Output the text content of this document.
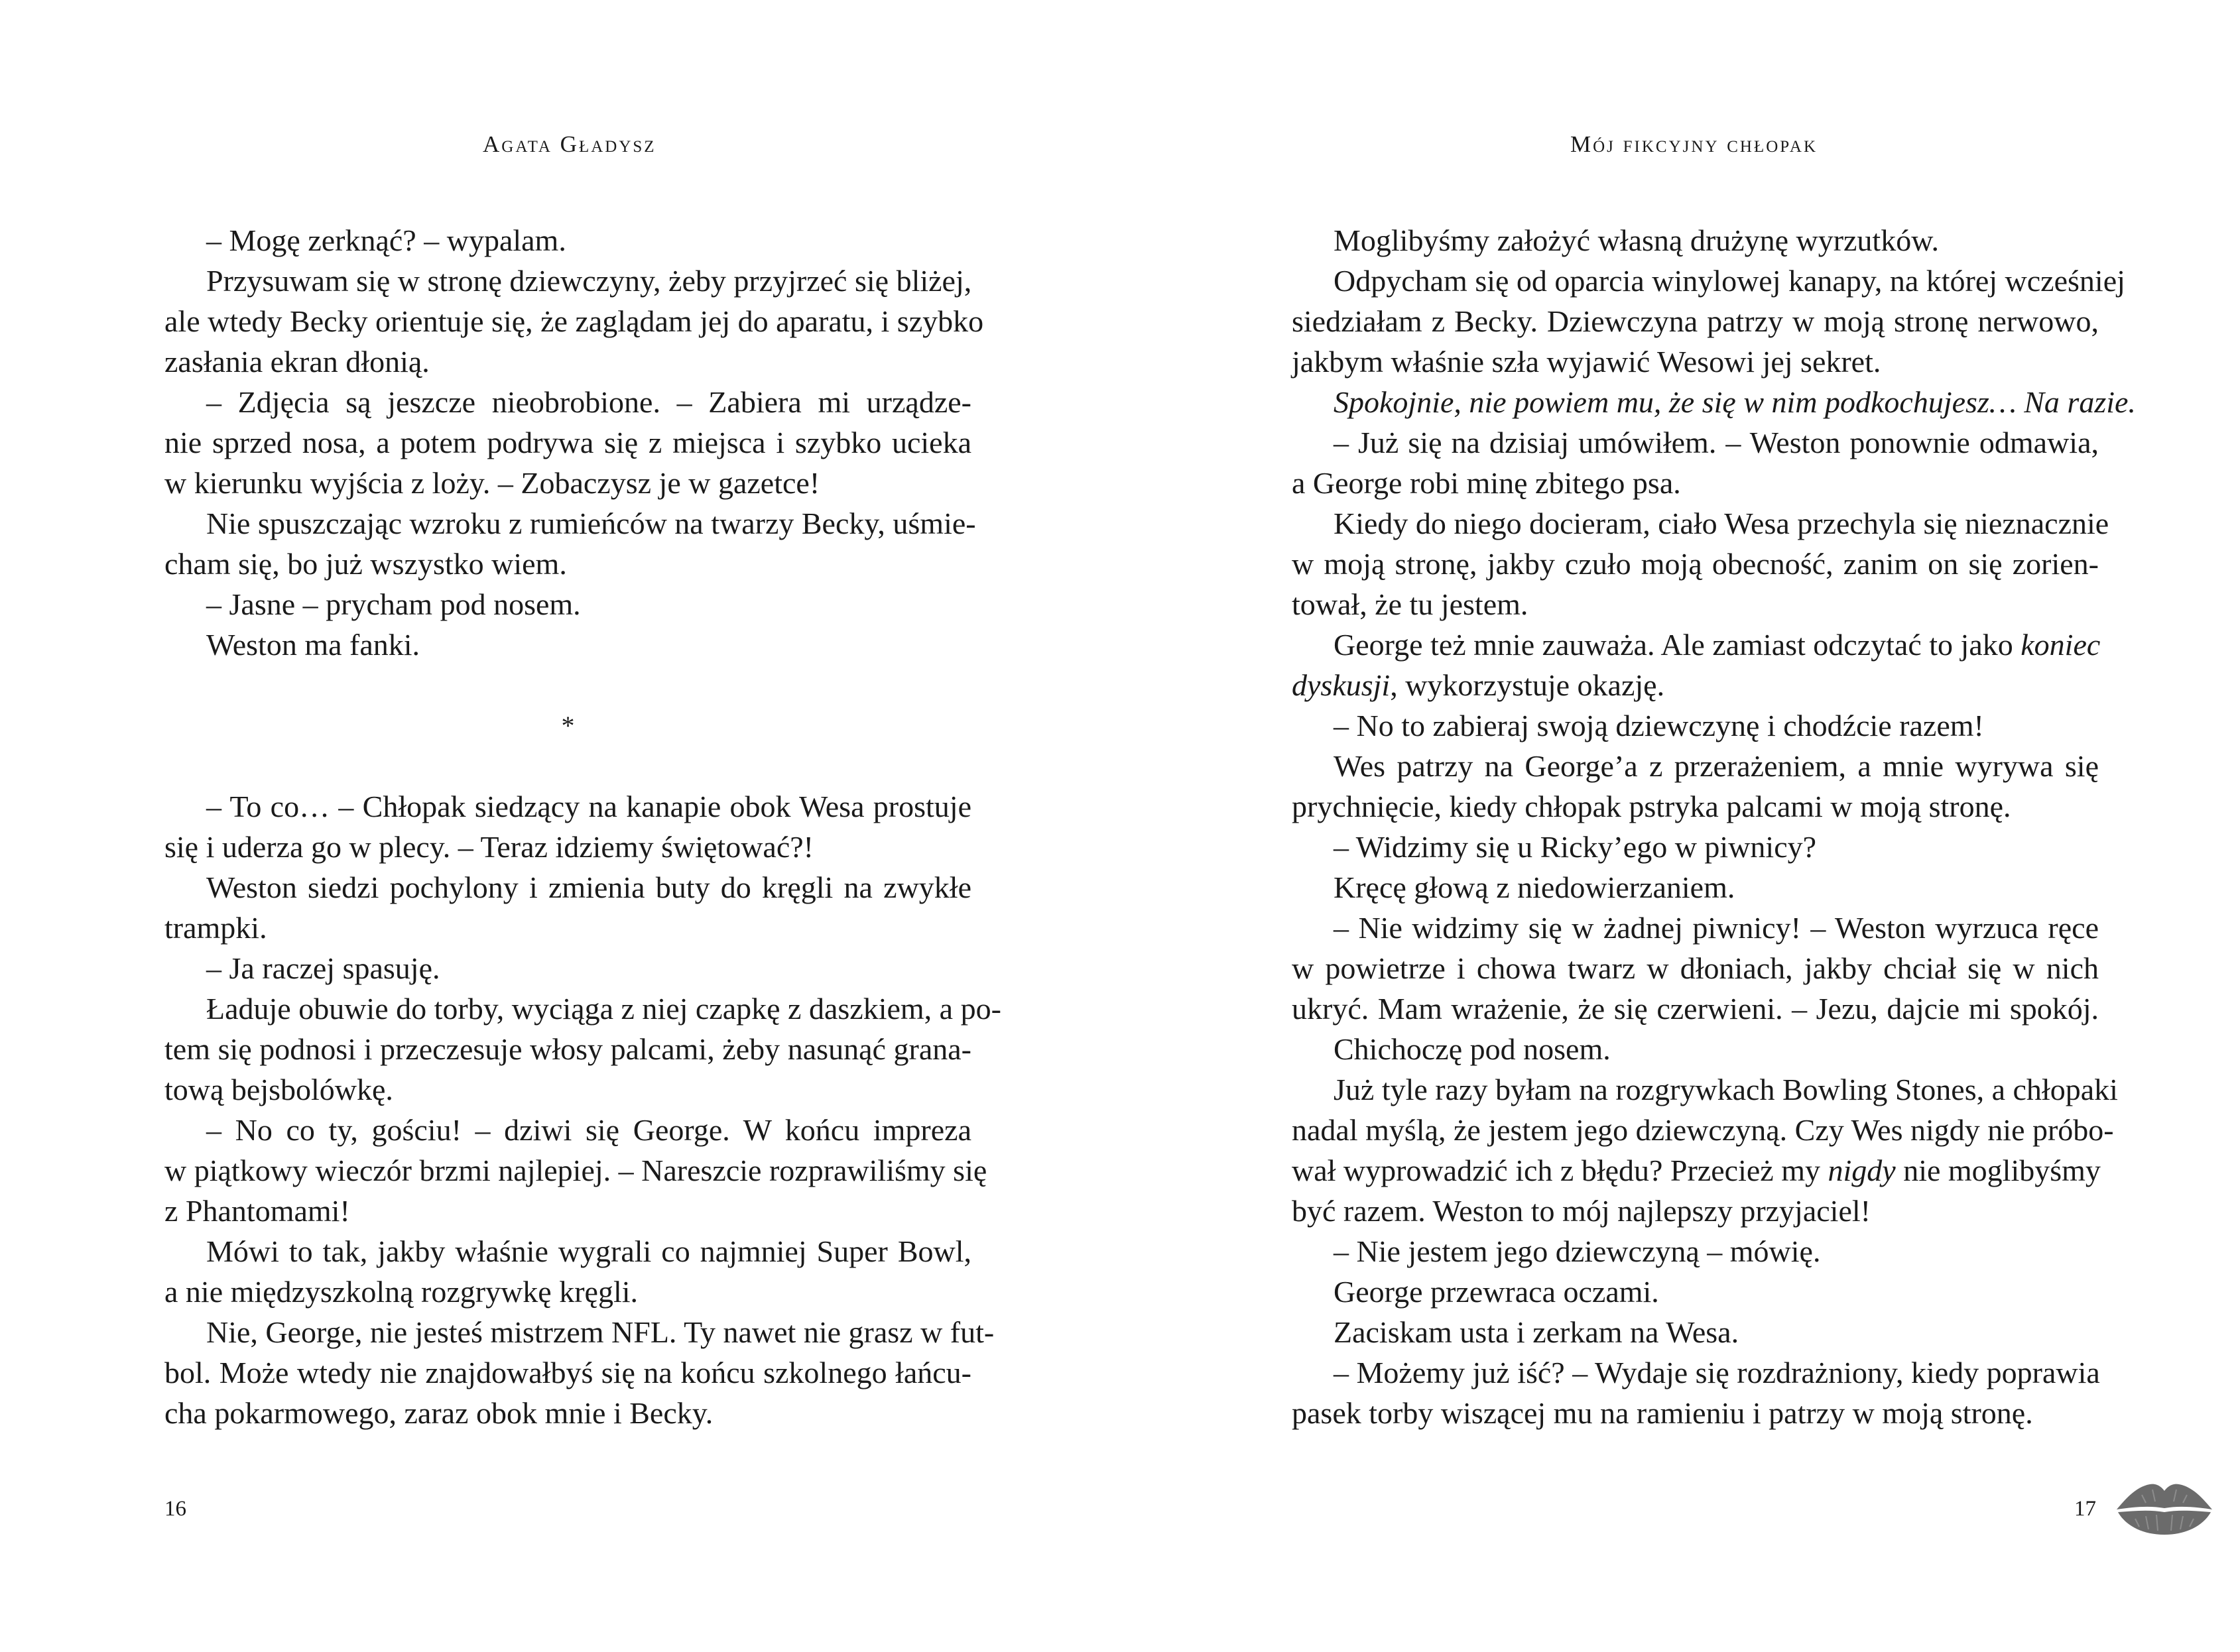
Agata Gładysz
– Mogę zerknąć? – wypalam.
Przysuwam się w stronę dziewczyny, żeby przyjrzeć się bliżej,
ale wtedy Becky orientuje się, że zaglądam jej do aparatu, i szybko
zasłania ekran dłonią.
– Zdjęcia są jeszcze nieobrobione. – Zabiera mi urządze-
nie sprzed nosa, a potem podrywa się z miejsca i szybko ucieka
w kierunku wyjścia z loży. – Zobaczysz je w gazetce!
Nie spuszczając wzroku z rumieńców na twarzy Becky, uśmie-
cham się, bo już wszystko wiem.
– Jasne – prycham pod nosem.
Weston ma fanki.
*
– To co… – Chłopak siedzący na kanapie obok Wesa prostuje
się i uderza go w plecy. – Teraz idziemy świętować?!
Weston siedzi pochylony i zmienia buty do kręgli na zwykłe
trampki.
– Ja raczej spasuję.
Ładuje obuwie do torby, wyciąga z niej czapkę z daszkiem, a po-
tem się podnosi i przeczesuje włosy palcami, żeby nasunąć grana-
tową bejsbolówkę.
– No co ty, gościu! – dziwi się George. W końcu impreza
w piątkowy wieczór brzmi najlepiej. – Nareszcie rozprawiliśmy się
z Phantomami!
Mówi to tak, jakby właśnie wygrali co najmniej Super Bowl,
a nie międzyszkolną rozgrywkę kręgli.
Nie, George, nie jesteś mistrzem NFL. Ty nawet nie grasz w fut-
bol. Może wtedy nie znajdowałbyś się na końcu szkolnego łańcu-
cha pokarmowego, zaraz obok mnie i Becky.
16
Mój fikcyjny chłopak
Moglibyśmy założyć własną drużynę wyrzutków.
Odpycham się od oparcia winylowej kanapy, na której wcześniej
siedziałam z Becky. Dziewczyna patrzy w moją stronę nerwowo,
jakbym właśnie szła wyjawić Wesowi jej sekret.
Spokojnie, nie powiem mu, że się w nim podkochujesz… Na razie.
– Już się na dzisiaj umówiłem. – Weston ponownie odmawia,
a George robi minę zbitego psa.
Kiedy do niego docieram, ciało Wesa przechyla się nieznacznie
w moją stronę, jakby czuło moją obecność, zanim on się zorien-
tował, że tu jestem.
George też mnie zauważa. Ale zamiast odczytać to jako koniec
dyskusji, wykorzystuje okazję.
– No to zabieraj swoją dziewczynę i chodźcie razem!
Wes patrzy na George’a z przerażeniem, a mnie wyrywa się
prychnięcie, kiedy chłopak pstryka palcami w moją stronę.
– Widzimy się u Ricky’ego w piwnicy?
Kręcę głową z niedowierzaniem.
– Nie widzimy się w żadnej piwnicy! – Weston wyrzuca ręce
w powietrze i chowa twarz w dłoniach, jakby chciał się w nich
ukryć. Mam wrażenie, że się czerwieni. – Jezu, dajcie mi spokój.
Chichoczę pod nosem.
Już tyle razy byłam na rozgrywkach Bowling Stones, a chłopaki
nadal myślą, że jestem jego dziewczyną. Czy Wes nigdy nie próbo-
wał wyprowadzić ich z błędu? Przecież my nigdy nie moglibyśmy
być razem. Weston to mój najlepszy przyjaciel!
– Nie jestem jego dziewczyną – mówię.
George przewraca oczami.
Zaciskam usta i zerkam na Wesa.
– Możemy już iść? – Wydaje się rozdrażniony, kiedy poprawia
pasek torby wiszącej mu na ramieniu i patrzy w moją stronę.
17
